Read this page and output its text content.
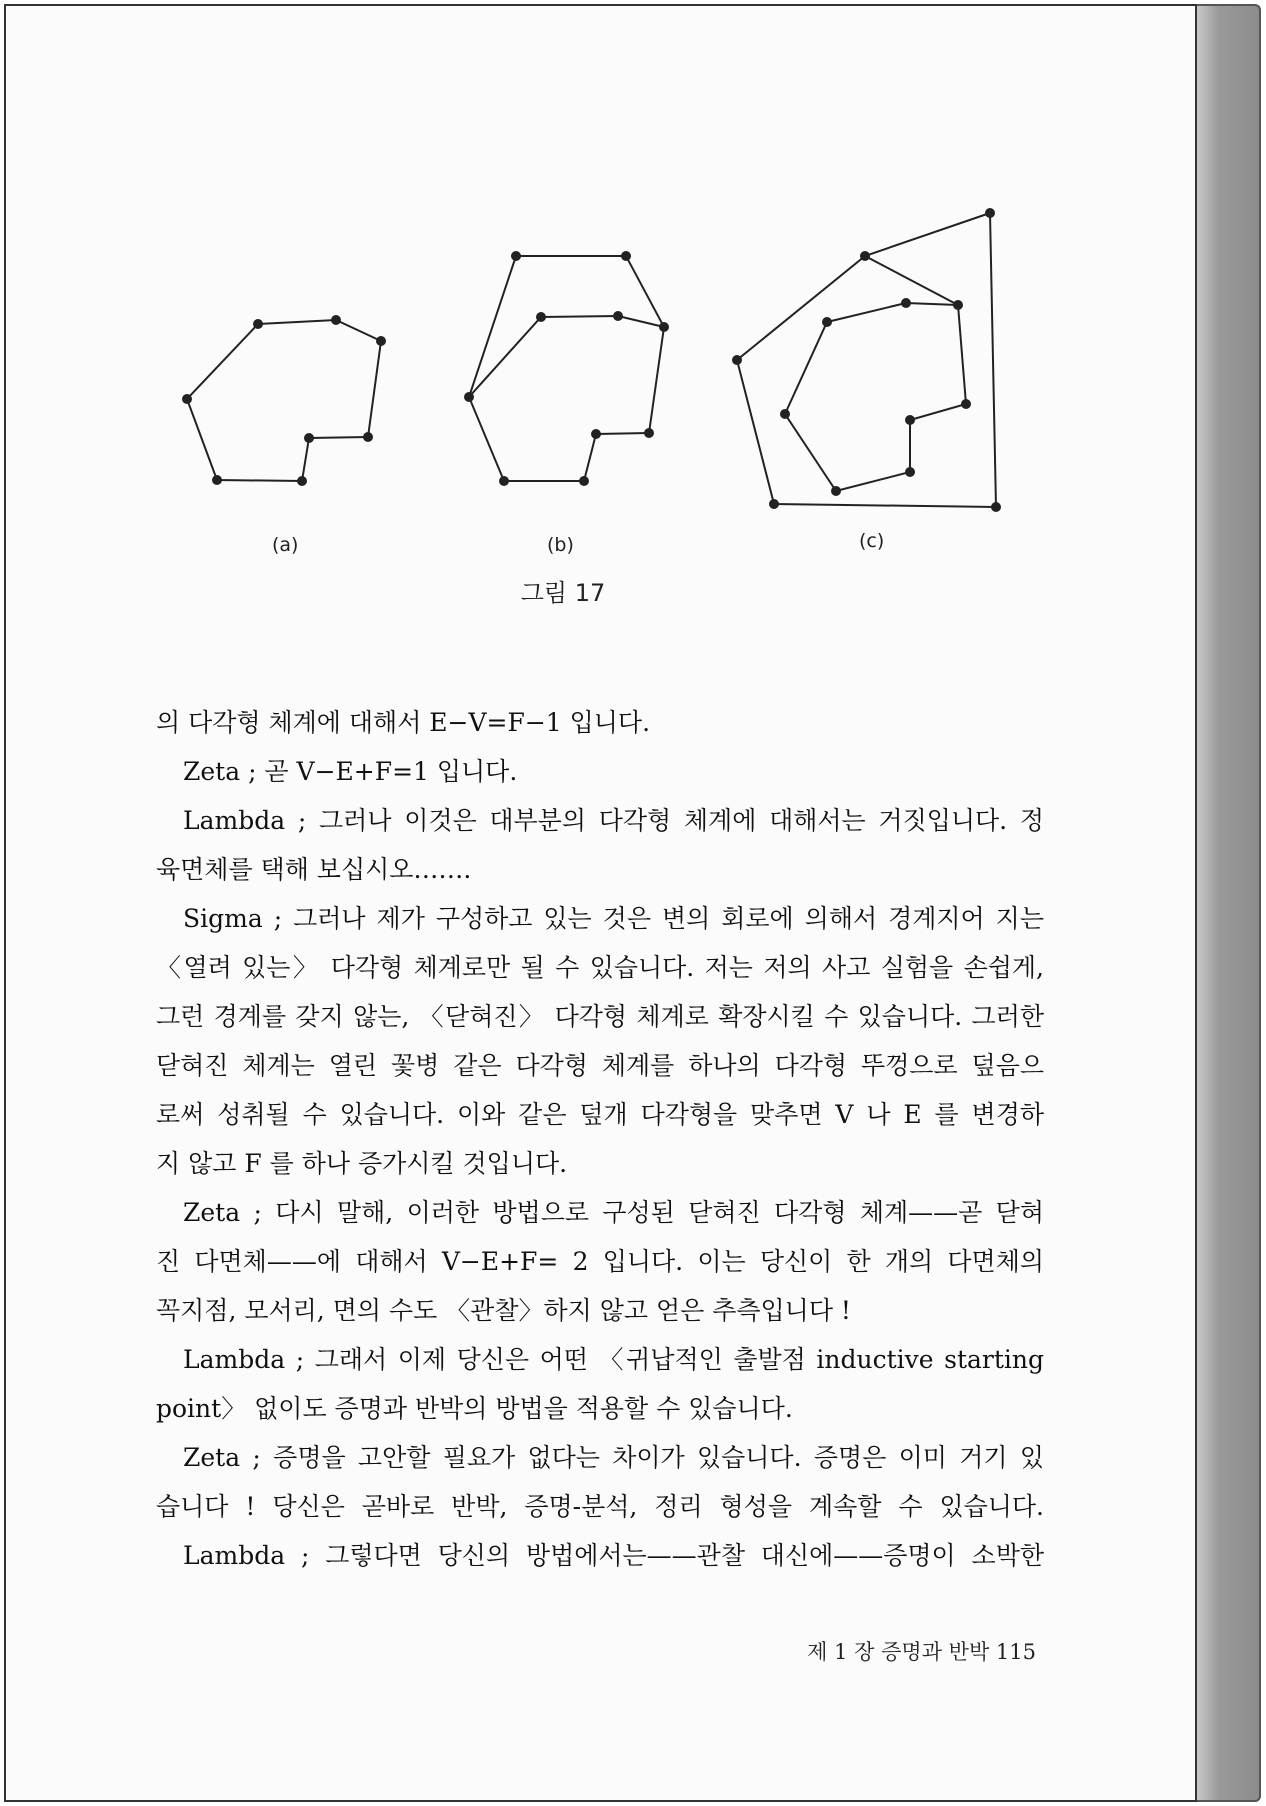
(a)	(b)	(c)
그림 17
의 다각형 체계에 대해서 E−V=F−1 입니다.
Zeta ; 곧 V−E+F=1 입니다.
Lambda ; 그러나 이것은 대부분의 다각형 체계에 대해서는 거짓입니다. 정
육면체를 택해 보십시오…….
Sigma ; 그러나 제가 구성하고 있는 것은 변의 회로에 의해서 경계지어 지는
〈열려 있는〉 다각형 체계로만 될 수 있습니다. 저는 저의 사고 실험을 손쉽게,
그런 경계를 갖지 않는, 〈닫혀진〉 다각형 체계로 확장시킬 수 있습니다. 그러한
닫혀진 체계는 열린 꽃병 같은 다각형 체계를 하나의 다각형 뚜껑으로 덮음으
로써 성취될 수 있습니다. 이와 같은 덮개 다각형을 맞추면 V 나 E 를 변경하
지 않고 F 를 하나 증가시킬 것입니다.
Zeta ; 다시 말해, 이러한 방법으로 구성된 닫혀진 다각형 체계——곧 닫혀
진 다면체——에 대해서 V−E+F= 2 입니다. 이는 당신이 한 개의 다면체의
꼭지점, 모서리, 면의 수도 〈관찰〉하지 않고 얻은 추측입니다 !
Lambda ; 그래서 이제 당신은 어떤 〈귀납적인 출발점 inductive starting
point〉 없이도 증명과 반박의 방법을 적용할 수 있습니다.
Zeta ; 증명을 고안할 필요가 없다는 차이가 있습니다. 증명은 이미 거기 있
습니다 ! 당신은 곧바로 반박, 증명-분석, 정리 형성을 계속할 수 있습니다.
Lambda ; 그렇다면 당신의 방법에서는——관찰 대신에——증명이 소박한
제 1 장 증명과 반박 115
